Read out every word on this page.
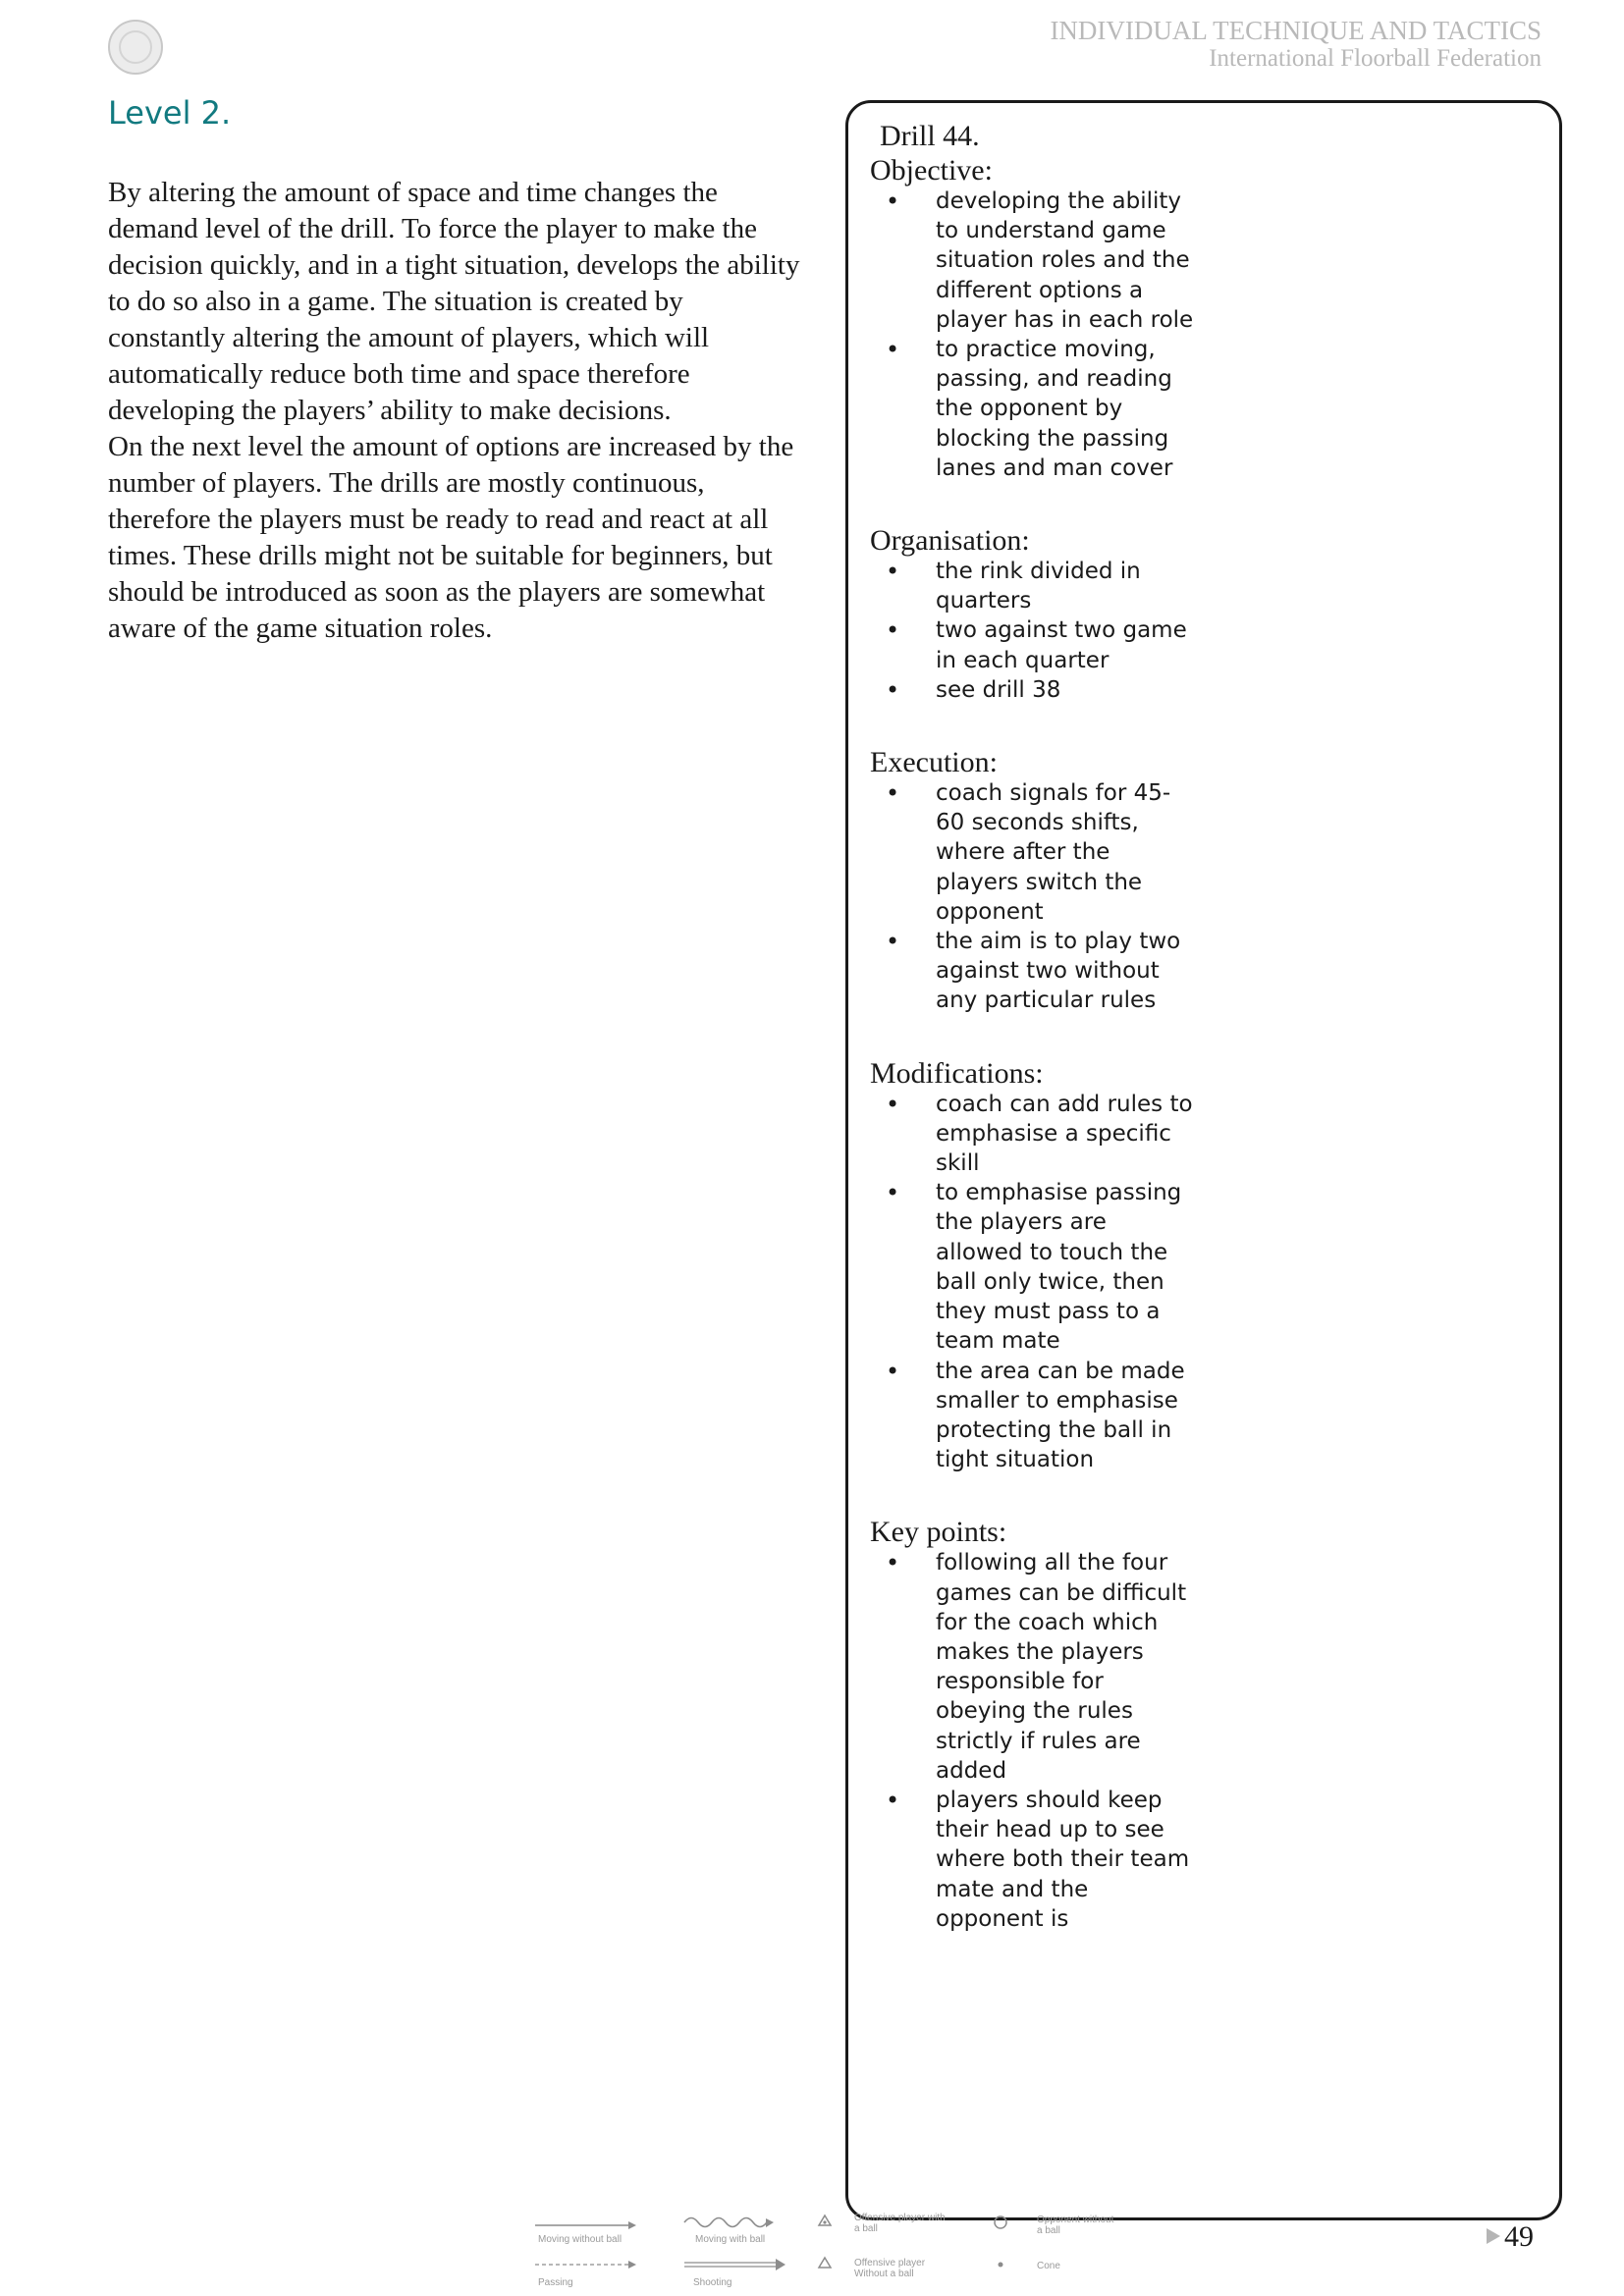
INDIVIDUAL TECHNIQUE AND TACTICS
International Floorball Federation
Level 2.

By altering the amount of space and time changes the demand level of the drill. To force the player to make the decision quickly, and in a tight situation, develops the ability to do so also in a game. The situation is created by constantly altering the amount of players, which will automatically reduce both time and space therefore developing the players’ ability to make decisions.

On the next level the amount of options are increased by the number of players. The drills are mostly continuous, therefore the players must be ready to read and react at all times. These drills might not be suitable for beginners, but should be introduced as soon as the players are somewhat aware of the game situation roles.

Drill 44.
Objective:
• developing the ability to understand game situation roles and the different options a player has in each role
• to practice moving, passing, and reading the opponent by blocking the passing lanes and man cover
Organisation:
• the rink divided in quarters
• two against two game in each quarter
• see drill 38
Execution:
• coach signals for 45-60 seconds shifts, where after the players switch the opponent
• the aim is to play two against two without any particular rules
Modifications:
• coach can add rules to emphasise a specific skill
• to emphasise passing the players are allowed to touch the ball only twice, then they must pass to a team mate
• the area can be made smaller to emphasise protecting the ball in tight situation
Key points:
• following all the four games can be difficult for the coach which makes the players responsible for obeying the rules strictly if rules are added
• players should keep their head up to see where both their team mate and the opponent is
Moving without ball	Moving with ball
Offensive player with
a ball
Opponent without
a ball
Passing	Shooting
Offensive player
Without a ball
Cone
49
